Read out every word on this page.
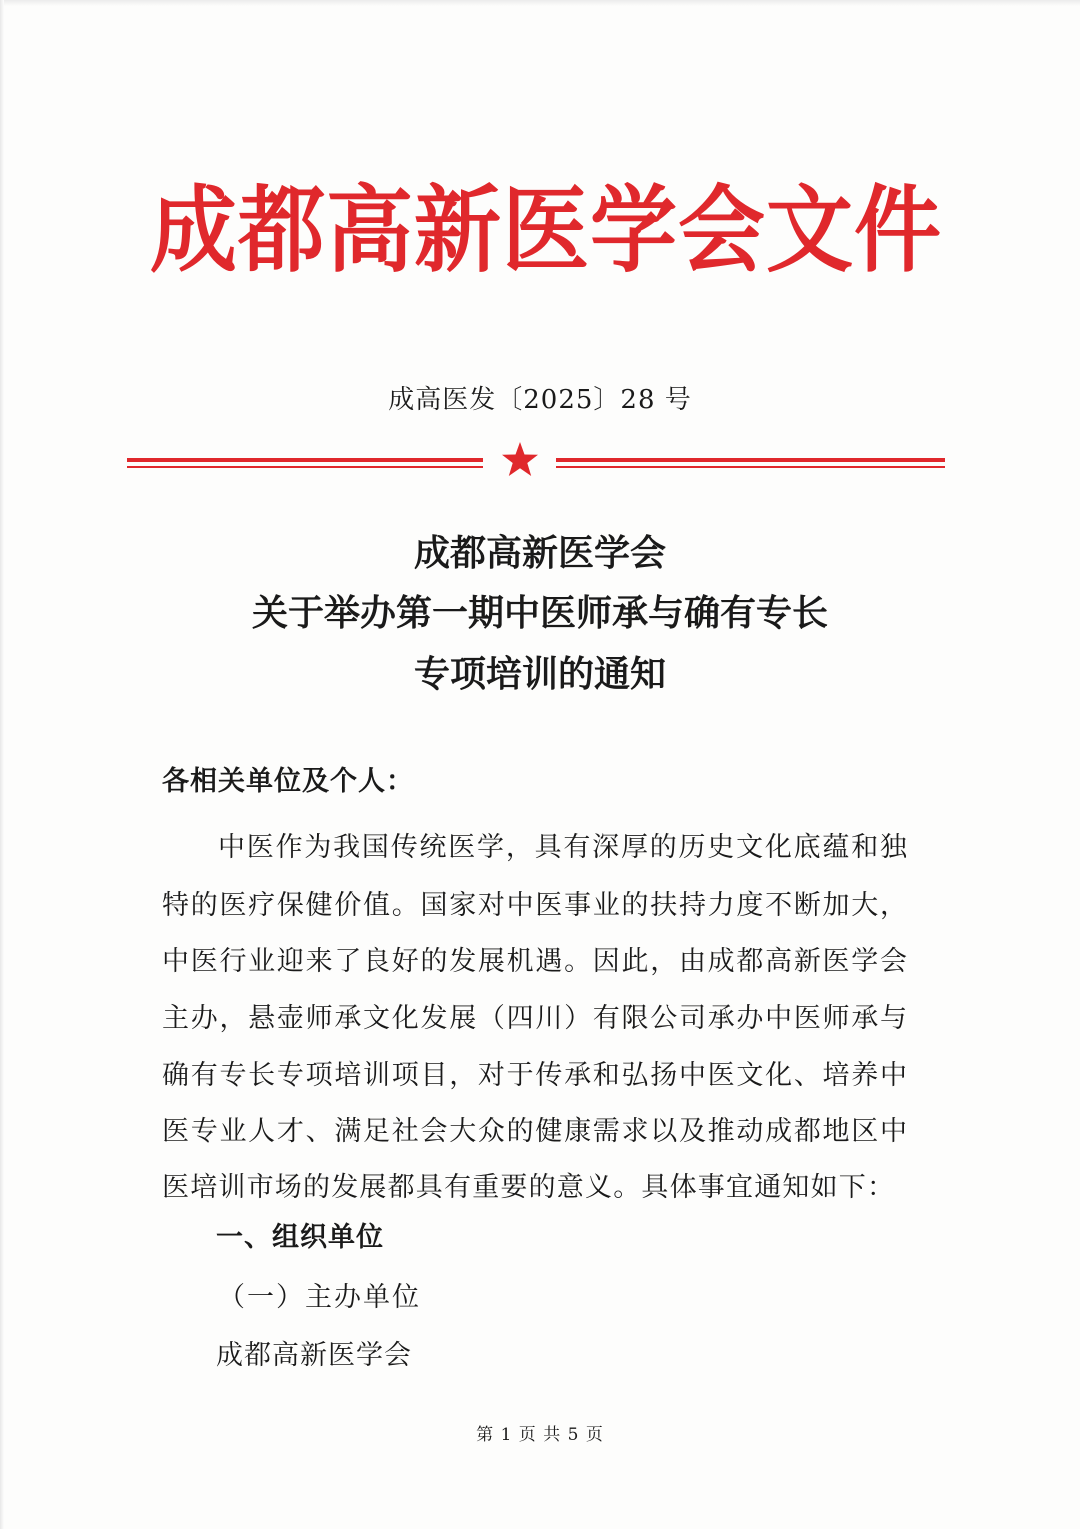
成都高新医学会文件
成高医发〔2025〕28 号
成都高新医学会
关于举办第一期中医师承与确有专长
专项培训的通知
各相关单位及个人：
中医作为我国传统医学，具有深厚的历史文化底蕴和独
特的医疗保健价值。国家对中医事业的扶持力度不断加大，
中医行业迎来了良好的发展机遇。因此，由成都高新医学会
主办，悬壶师承文化发展（四川）有限公司承办中医师承与
确有专长专项培训项目，对于传承和弘扬中医文化、培养中
医专业人才、满足社会大众的健康需求以及推动成都地区中
医培训市场的发展都具有重要的意义。具体事宜通知如下：
一、组织单位
（一）主办单位
成都高新医学会
第 1 页 共 5 页
